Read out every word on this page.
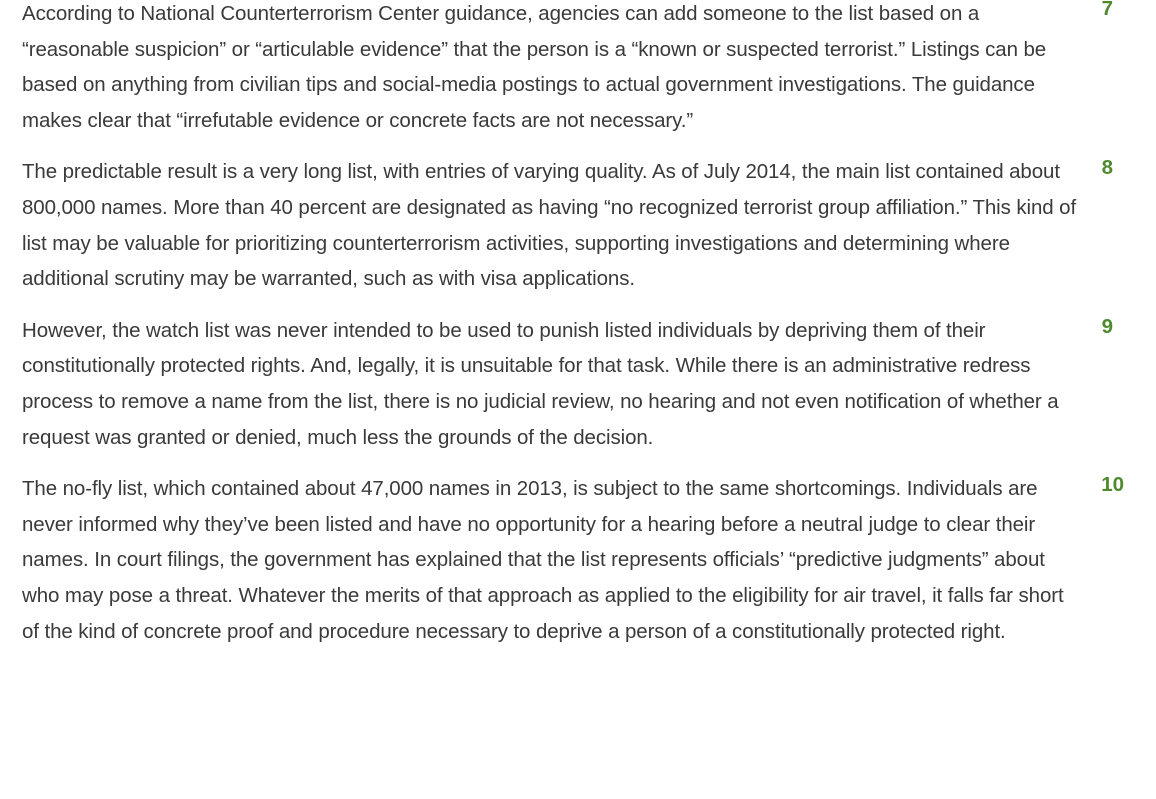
According to National Counterterrorism Center guidance, agencies can add someone to the list based on a “reasonable suspicion” or “articulable evidence” that the person is a “known or suspected terrorist.” Listings can be based on anything from civilian tips and social-media postings to actual government investigations. The guidance makes clear that “irrefutable evidence or concrete facts are not necessary.”

7

The predictable result is a very long list, with entries of varying quality. As of July 2014, the main list contained about 800,000 names. More than 40 percent are designated as having “no recognized terrorist group affiliation.” This kind of list may be valuable for prioritizing counterterrorism activities, supporting investigations and determining where additional scrutiny may be warranted, such as with visa applications.

8

However, the watch list was never intended to be used to punish listed individuals by depriving them of their constitutionally protected rights. And, legally, it is unsuitable for that task. While there is an administrative redress process to remove a name from the list, there is no judicial review, no hearing and not even notification of whether a request was granted or denied, much less the grounds of the decision.

9

The no-fly list, which contained about 47,000 names in 2013, is subject to the same shortcomings. Individuals are never informed why they’ve been listed and have no opportunity for a hearing before a neutral judge to clear their names. In court filings, the government has explained that the list represents officials’ “predictive judgments” about who may pose a threat. Whatever the merits of that approach as applied to the eligibility for air travel, it falls far short of the kind of concrete proof and procedure necessary to deprive a person of a constitutionally protected right.

10
